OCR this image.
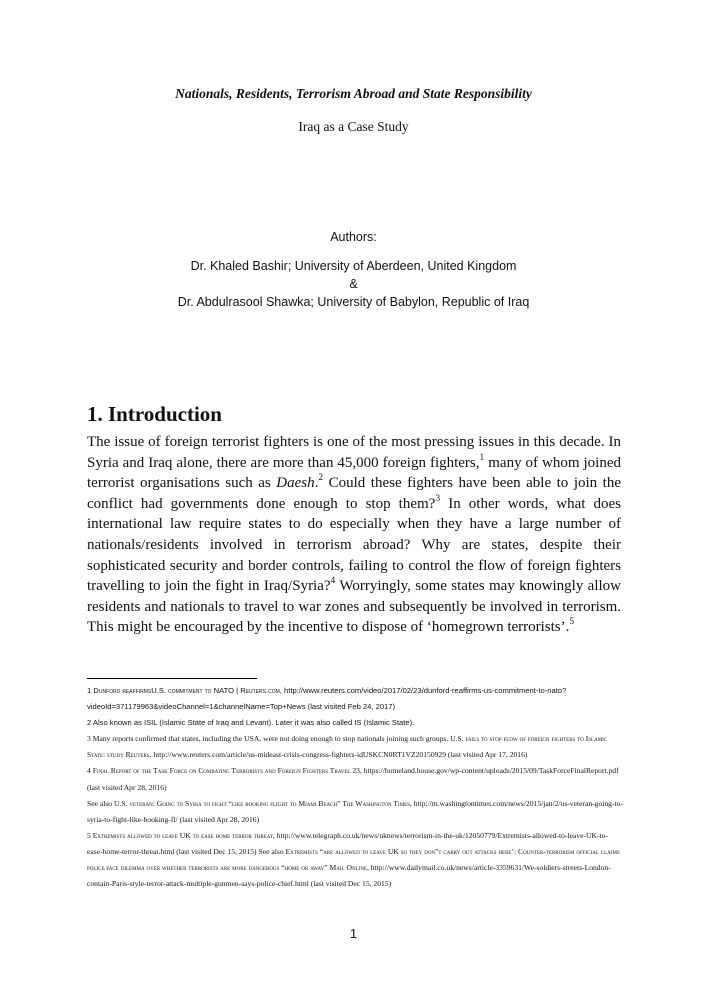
Nationals, Residents, Terrorism Abroad and State Responsibility
Iraq as a Case Study
Authors:
Dr. Khaled Bashir; University of Aberdeen, United Kingdom
&
Dr. Abdulrasool Shawka; University of Babylon, Republic of Iraq
1. Introduction

The issue of foreign terrorist fighters is one of the most pressing issues in this decade. In Syria and Iraq alone, there are more than 45,000 foreign fighters,$^1$ many of whom joined terrorist organisations such as Daesh.$^2$ Could these fighters have been able to join the conflict had governments done enough to stop them?$^3$ In other words, what does international law require states to do especially when they have a large number of nationals/residents involved in terrorism abroad? Why are states, despite their sophisticated security and border controls, failing to control the flow of foreign fighters travelling to join the fight in Iraq/Syria?$^4$ Worryingly, some states may knowingly allow residents and nationals to travel to war zones and subsequently be involved in terrorism. This might be encouraged by the incentive to dispose of ‘homegrown terrorists’.$^5$

1 Dunford reaffirmsU.S. commitment to NATO | Reuters.com, http://www.reuters.com/video/2017/02/23/dunford-reaffirms-us-commitment-to-nato?videoId=371179963&videoChannel=1&channelName=Top+News (last visited Feb 24, 2017)

2 Also known as ISIL (Islamic State of Iraq and Levant). Later it was also called IS (Islamic State).

3 Many reports confirmed that states, including the USA, were not doing enough to stop nationals joining such groups. U.S. fails to stop flow of foreign fighters to Islamic State: study Reuters, http://www.reuters.com/article/us-mideast-crisis-congress-fighters-idUSKCN0RT1VZ20150929 (last visited Apr 17, 2016)

4 Final Report of the Task Force on Combating Terrorists and Foreign Fighters Travel 23, https://homeland.house.gov/wp-content/uploads/2015/09/TaskForceFinalReport.pdf (last visited Apr 28, 2016)

See also U.S. veteran: Going to Syria to fight “like booking flight to Miami Beach” The Washington Times, http://m.washingtontimes.com/news/2015/jan/2/us-veteran-going-to-syria-to-fight-like-booking-fl/ (last visited Apr 28, 2016)

5 Extremists allowed to leave UK to ease home terror threat, http://www.telegraph.co.uk/news/uknews/terrorism-in-the-uk/12050779/Extremists-allowed-to-leave-UK-to-ease-home-terror-threat.html (last visited Dec 15, 2015) See also Extremists “are allowed to leave UK so they don”t carry out attacks here’: Counter-terrorism official claims police face dilemma over whether terrorists are more dangerous “home or away” Mail Online, http://www.dailymail.co.uk/news/article-3359631/We-soldiers-streets-London-contain-Paris-style-terror-attack-multiple-gunmen-says-police-chief.html (last visited Dec 15, 2015)

1
